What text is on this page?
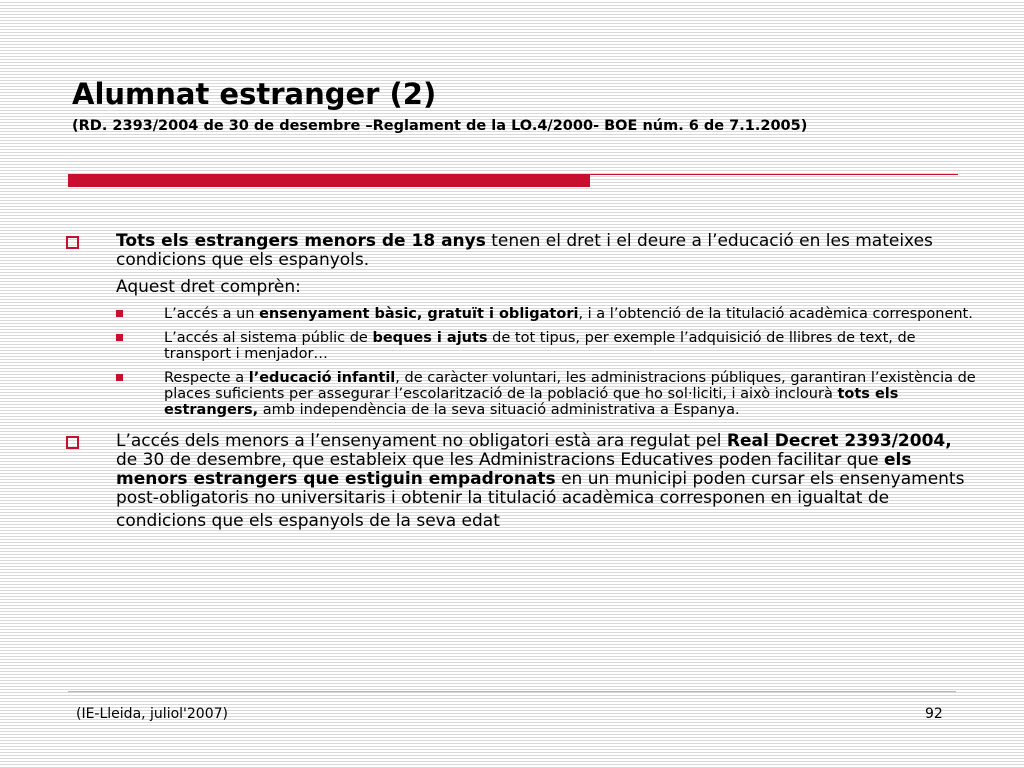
Alumnat estranger (2)
(RD. 2393/2004 de 30 de desembre –Reglament de la LO.4/2000- BOE núm. 6 de 7.1.2005)
Tots els estrangers menors de 18 anys tenen el dret i el deure a l’educació en les mateixes condicions que els espanyols.
Aquest dret comprèn:
L’accés a un ensenyament bàsic, gratuït i obligatori, i a l’obtenció de la titulació acadèmica corresponent.
L’accés al sistema públic de beques i ajuts de tot tipus, per exemple l’adquisició de llibres de text, de transport i menjador…
Respecte a l’educació infantil, de caràcter voluntari, les administracions públiques, garantiran l’existència de places suficients per assegurar l’escolarització de la població que ho sol·liciti, i això inclourà tots els estrangers, amb independència de la seva situació administrativa a Espanya.
L’accés dels menors a l’ensenyament no obligatori està ara regulat pel Real Decret 2393/2004, de 30 de desembre, que estableix que les Administracions Educatives poden facilitar que els menors estrangers que estiguin empadronats en un municipi poden cursar els ensenyaments post-obligatoris no universitaris i obtenir la titulació acadèmica corresponen en igualtat de
condicions que els espanyols de la seva edat
(IE-Lleida, juliol'2007)	92
